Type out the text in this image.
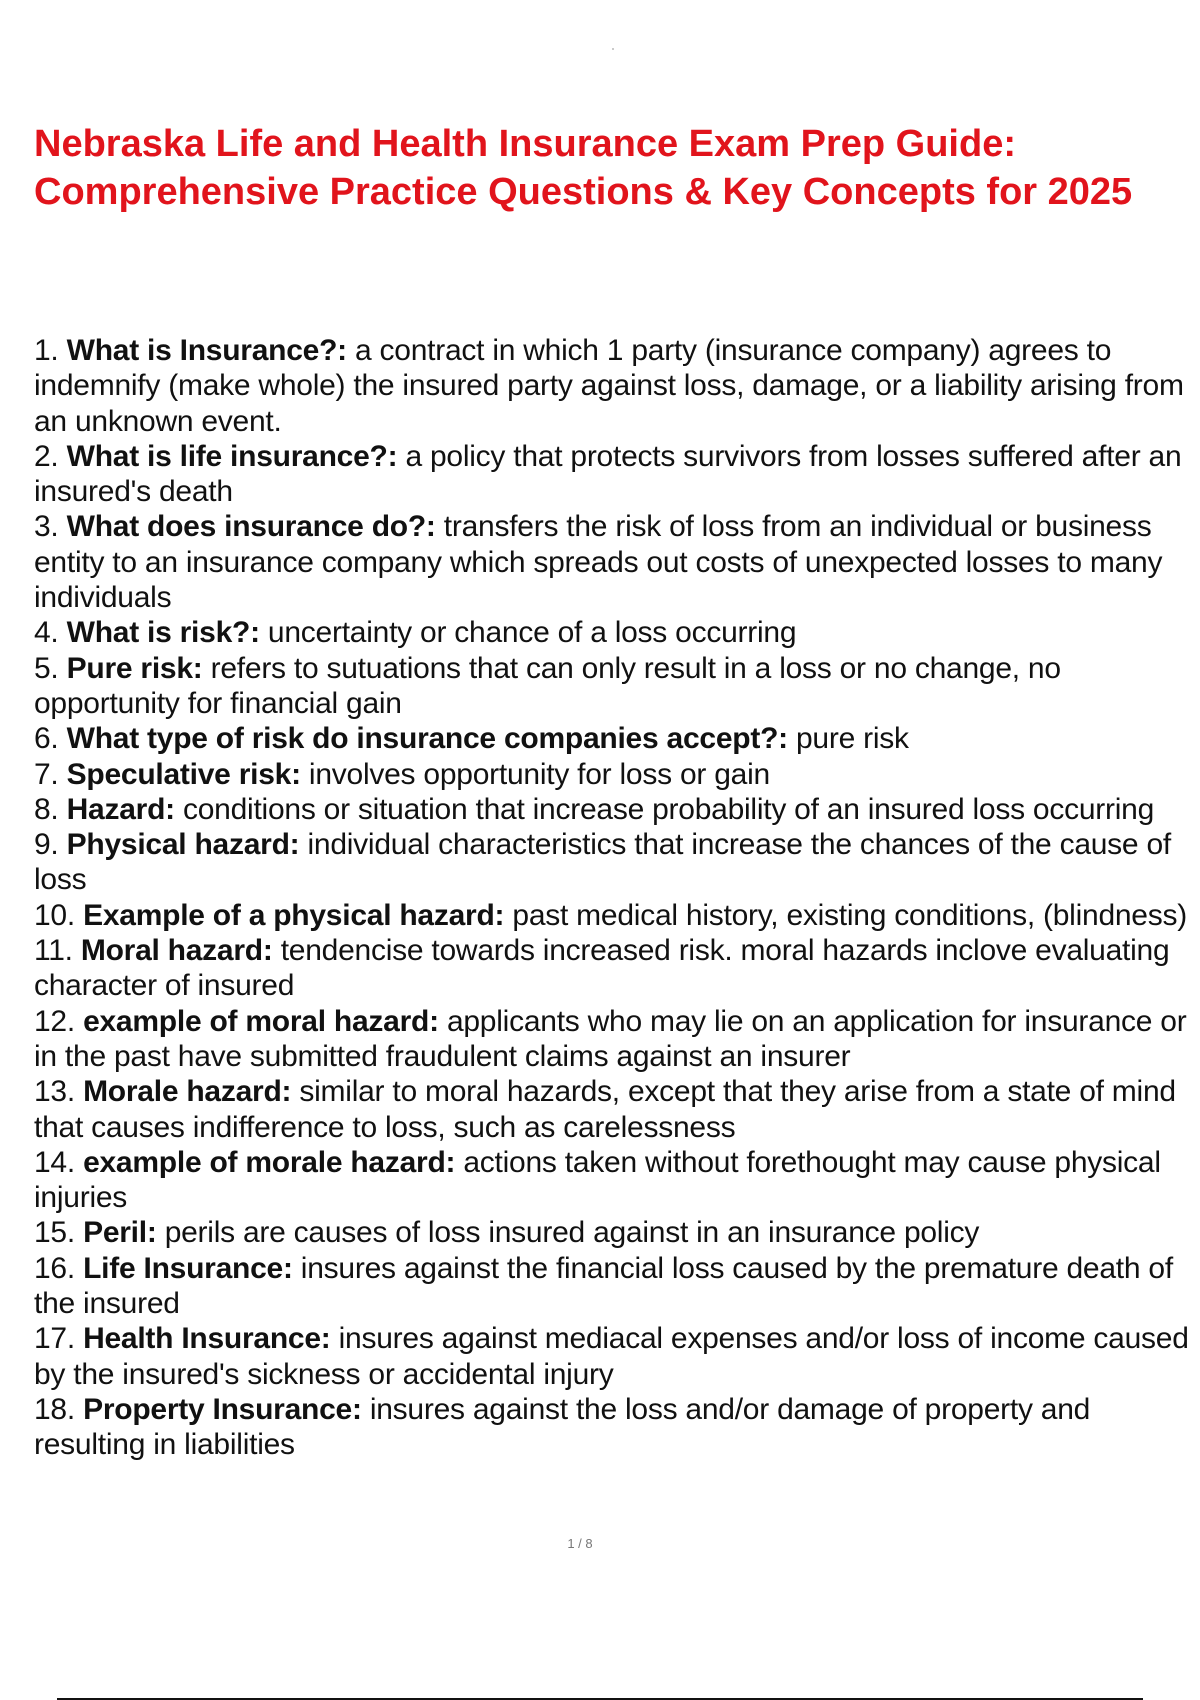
Nebraska Life and Health Insurance Exam Prep Guide: Comprehensive Practice Questions & Key Concepts for 2025

1. What is Insurance?: a contract in which 1 party (insurance company) agrees to indemnify (make whole) the insured party against loss, damage, or a liability arising from an unknown event.

2. What is life insurance?: a policy that protects survivors from losses suffered after an insured's death

3. What does insurance do?: transfers the risk of loss from an individual or business entity to an insurance company which spreads out costs of unexpected losses to many individuals

4. What is risk?: uncertainty or chance of a loss occurring

5. Pure risk: refers to sutuations that can only result in a loss or no change, no opportunity for financial gain

6. What type of risk do insurance companies accept?: pure risk

7. Speculative risk: involves opportunity for loss or gain

8. Hazard: conditions or situation that increase probability of an insured loss occurring

9. Physical hazard: individual characteristics that increase the chances of the cause of loss

10. Example of a physical hazard: past medical history, existing conditions, (blindness)

11. Moral hazard: tendencise towards increased risk. moral hazards inclove evaluating character of insured

12. example of moral hazard: applicants who may lie on an application for insurance or in the past have submitted fraudulent claims against an insurer

13. Morale hazard: similar to moral hazards, except that they arise from a state of mind that causes indifference to loss, such as carelessness

14. example of morale hazard: actions taken without forethought may cause physical injuries

15. Peril: perils are causes of loss insured against in an insurance policy

16. Life Insurance: insures against the financial loss caused by the premature death of the insured

17. Health Insurance: insures against mediacal expenses and/or loss of income caused by the insured's sickness or accidental injury

18. Property Insurance: insures against the loss and/or damage of property and resulting in liabilities

1 / 8
